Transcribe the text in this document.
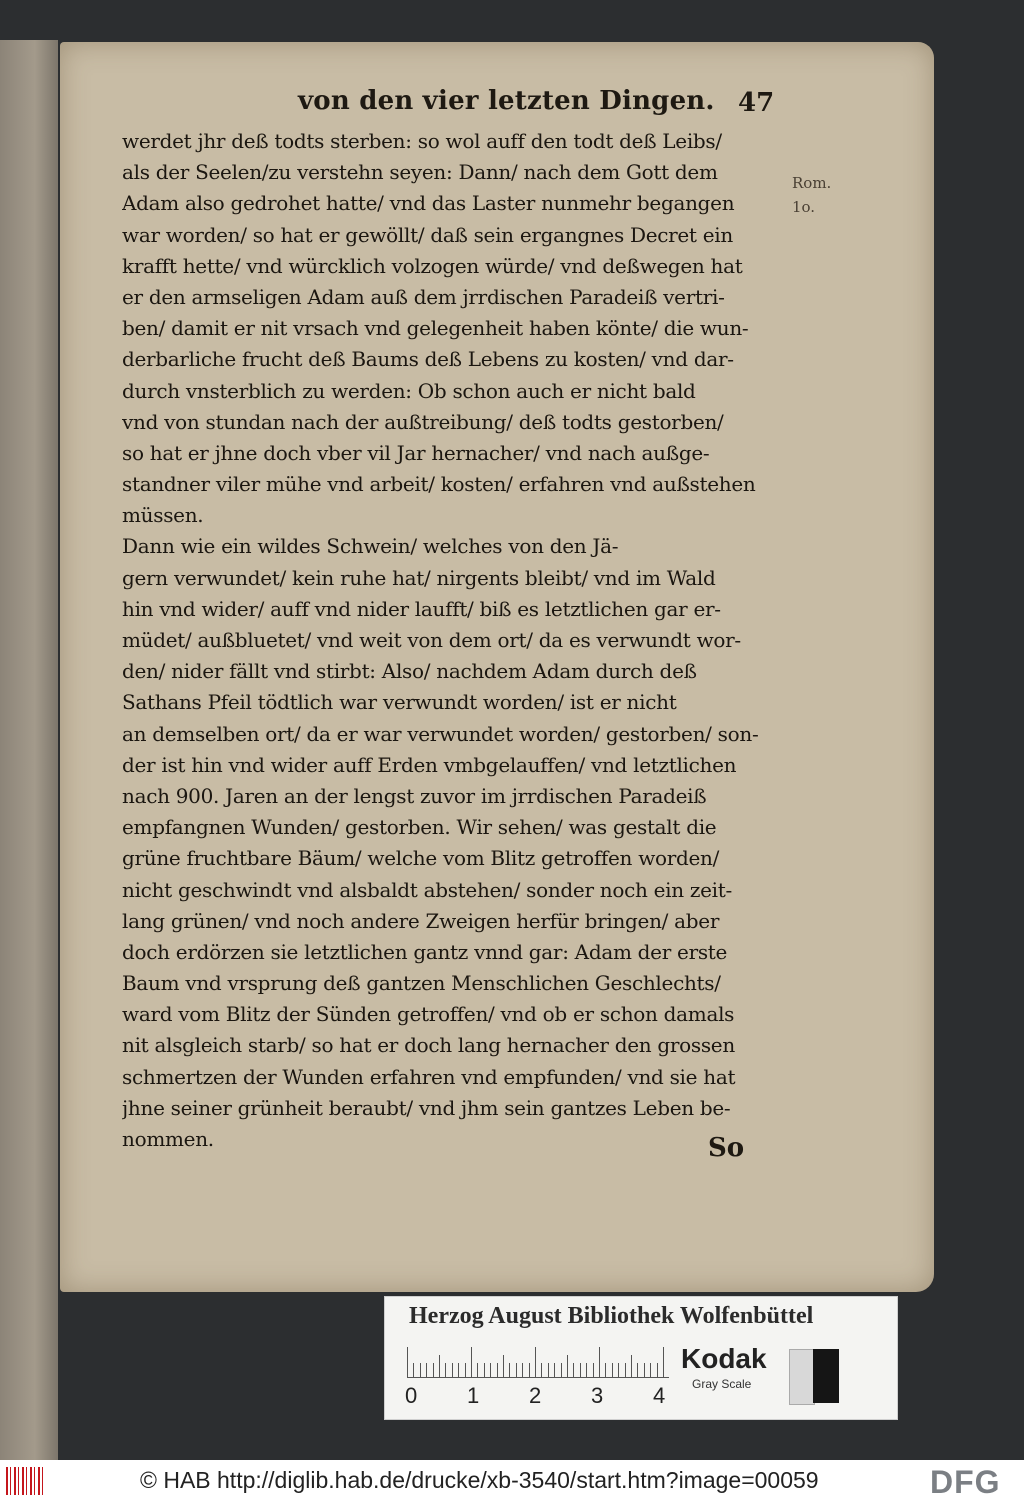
von den vier letzten Dingen. 47
Rom.
1o.
werdet jhr deß todts sterben: so wol auff den todt deß Leibs/
als der Seelen/zu verstehn seyen: Dann/ nach dem Gott dem
Adam also gedrohet hatte/ vnd das Laster nunmehr begangen
war worden/ so hat er gewöllt/ daß sein ergangnes Decret ein
krafft hette/ vnd würcklich volzogen würde/ vnd deßwegen hat
er den armseligen Adam auß dem jrrdischen Paradeiß vertri-
ben/ damit er nit vrsach vnd gelegenheit haben könte/ die wun-
derbarliche frucht deß Baums deß Lebens zu kosten/ vnd dar-
durch vnsterblich zu werden: Ob schon auch er nicht bald
vnd von stundan nach der außtreibung/ deß todts gestorben/
so hat er jhne doch vber vil Jar hernacher/ vnd nach außge-
standner viler mühe vnd arbeit/ kosten/ erfahren vnd außstehen
müssen.
Dann wie ein wildes Schwein/ welches von den Jä-
gern verwundet/ kein ruhe hat/ nirgents bleibt/ vnd im Wald
hin vnd wider/ auff vnd nider laufft/ biß es letztlichen gar er-
müdet/ außbluetet/ vnd weit von dem ort/ da es verwundt wor-
den/ nider fällt vnd stirbt: Also/ nachdem Adam durch deß
Sathans Pfeil tödtlich war verwundt worden/ ist er nicht
an demselben ort/ da er war verwundet worden/ gestorben/ son-
der ist hin vnd wider auff Erden vmbgelauffen/ vnd letztlichen
nach 900. Jaren an der lengst zuvor im jrrdischen Paradeiß
empfangnen Wunden/ gestorben. Wir sehen/ was gestalt die
grüne fruchtbare Bäum/ welche vom Blitz getroffen worden/
nicht geschwindt vnd alsbaldt abstehen/ sonder noch ein zeit-
lang grünen/ vnd noch andere Zweigen herfür bringen/ aber
doch erdörzen sie letztlichen gantz vnnd gar: Adam der erste
Baum vnd vrsprung deß gantzen Menschlichen Geschlechts/
ward vom Blitz der Sünden getroffen/ vnd ob er schon damals
nit alsgleich starb/ so hat er doch lang hernacher den grossen
schmertzen der Wunden erfahren vnd empfunden/ vnd sie hat
jhne seiner grünheit beraubt/ vnd jhm sein gantzes Leben be-
nommen.	So
Herzog August Bibliothek Wolfenbüttel
0 1 2 3 4
Kodak
Gray Scale
© HAB http://diglib.hab.de/drucke/xb-3540/start.htm?image=00059	DFG
